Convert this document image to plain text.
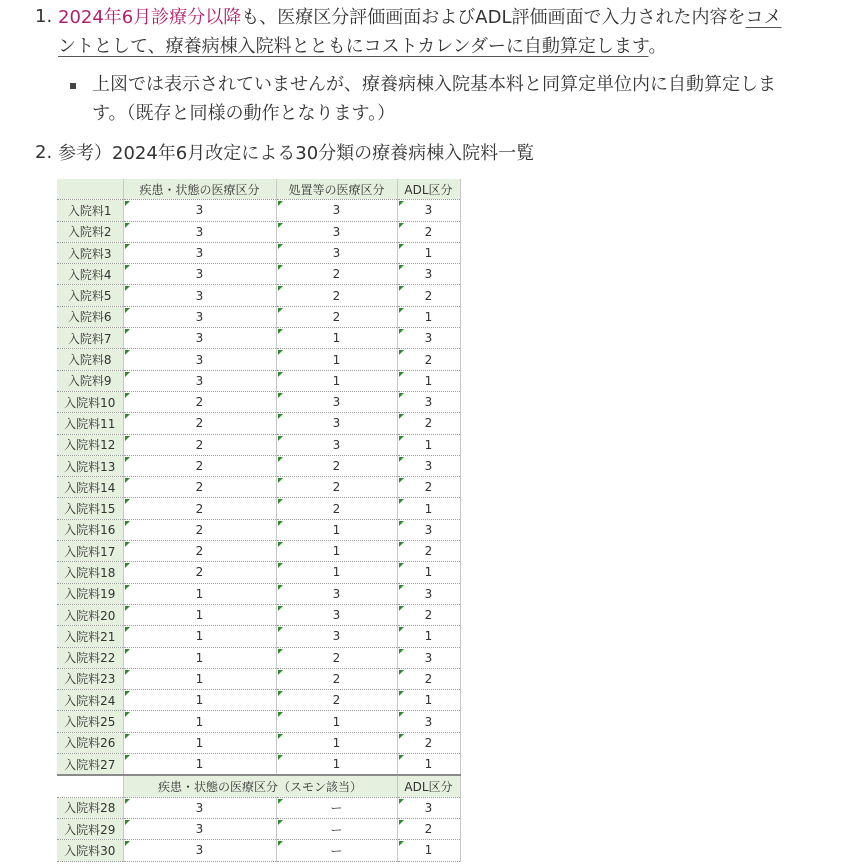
1. 2024年6月診療分以降も、医療区分評価画面およびADL評価画面で入力された内容をコメ
ントとして、療養病棟入院料とともにコストカレンダーに自動算定します。
上図では表示されていませんが、療養病棟入院基本料と同算定単位内に自動算定しま
す。（既存と同様の動作となります。）
2. 参考）2024年6月改定による30分類の療養病棟入院料一覧
	疾患・状態の医療区分	処置等の医療区分	ADL区分
入院料1	3	3	3
入院料2	3	3	2
入院料3	3	3	1
入院料4	3	2	3
入院料5	3	2	2
入院料6	3	2	1
入院料7	3	1	3
入院料8	3	1	2
入院料9	3	1	1
入院料10	2	3	3
入院料11	2	3	2
入院料12	2	3	1
入院料13	2	2	3
入院料14	2	2	2
入院料15	2	2	1
入院料16	2	1	3
入院料17	2	1	2
入院料18	2	1	1
入院料19	1	3	3
入院料20	1	3	2
入院料21	1	3	1
入院料22	1	2	3
入院料23	1	2	2
入院料24	1	2	1
入院料25	1	1	3
入院料26	1	1	2
入院料27	1	1	1
	疾患・状態の医療区分（スモン該当）		ADL区分
入院料28	3	ー	3
入院料29	3	ー	2
入院料30	3	ー	1
